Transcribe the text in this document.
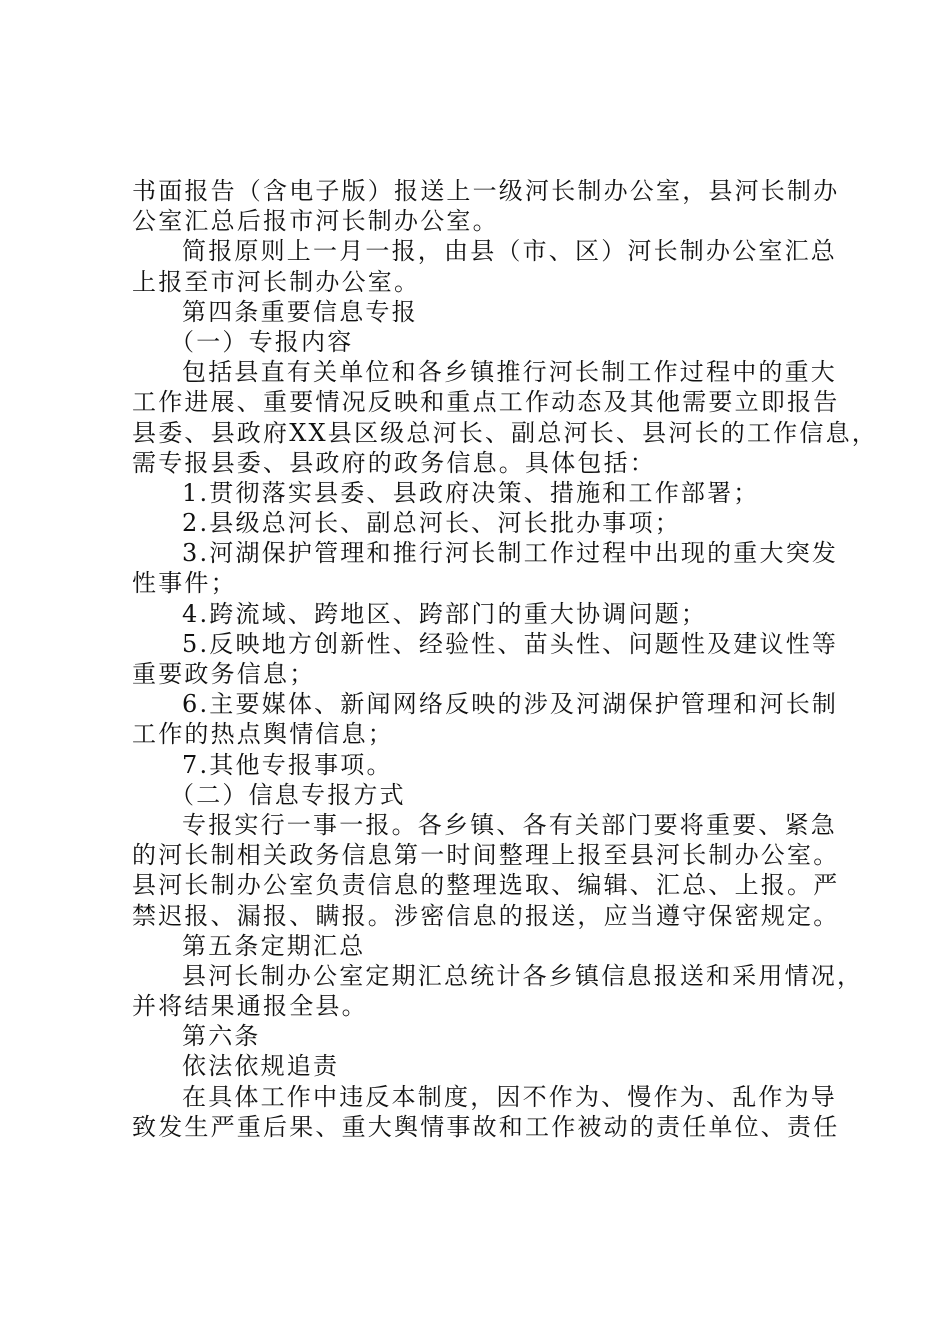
书面报告（含电子版）报送上一级河长制办公室，县河长制办
公室汇总后报市河长制办公室。
简报原则上一月一报，由县（市、区）河长制办公室汇总
上报至市河长制办公室。
第四条重要信息专报
（一）专报内容
包括县直有关单位和各乡镇推行河长制工作过程中的重大
工作进展、重要情况反映和重点工作动态及其他需要立即报告
县委、县政府XX县区级总河长、副总河长、县河长的工作信息，
需专报县委、县政府的政务信息。具体包括：
1.贯彻落实县委、县政府决策、措施和工作部署；
2.县级总河长、副总河长、河长批办事项；
3.河湖保护管理和推行河长制工作过程中出现的重大突发
性事件；
4.跨流域、跨地区、跨部门的重大协调问题；
5.反映地方创新性、经验性、苗头性、问题性及建议性等
重要政务信息；
6.主要媒体、新闻网络反映的涉及河湖保护管理和河长制
工作的热点舆情信息；
7.其他专报事项。
（二）信息专报方式
专报实行一事一报。各乡镇、各有关部门要将重要、紧急
的河长制相关政务信息第一时间整理上报至县河长制办公室。
县河长制办公室负责信息的整理选取、编辑、汇总、上报。严
禁迟报、漏报、瞒报。涉密信息的报送，应当遵守保密规定。
第五条定期汇总
县河长制办公室定期汇总统计各乡镇信息报送和采用情况，
并将结果通报全县。
第六条
依法依规追责
在具体工作中违反本制度，因不作为、慢作为、乱作为导
致发生严重后果、重大舆情事故和工作被动的责任单位、责任
